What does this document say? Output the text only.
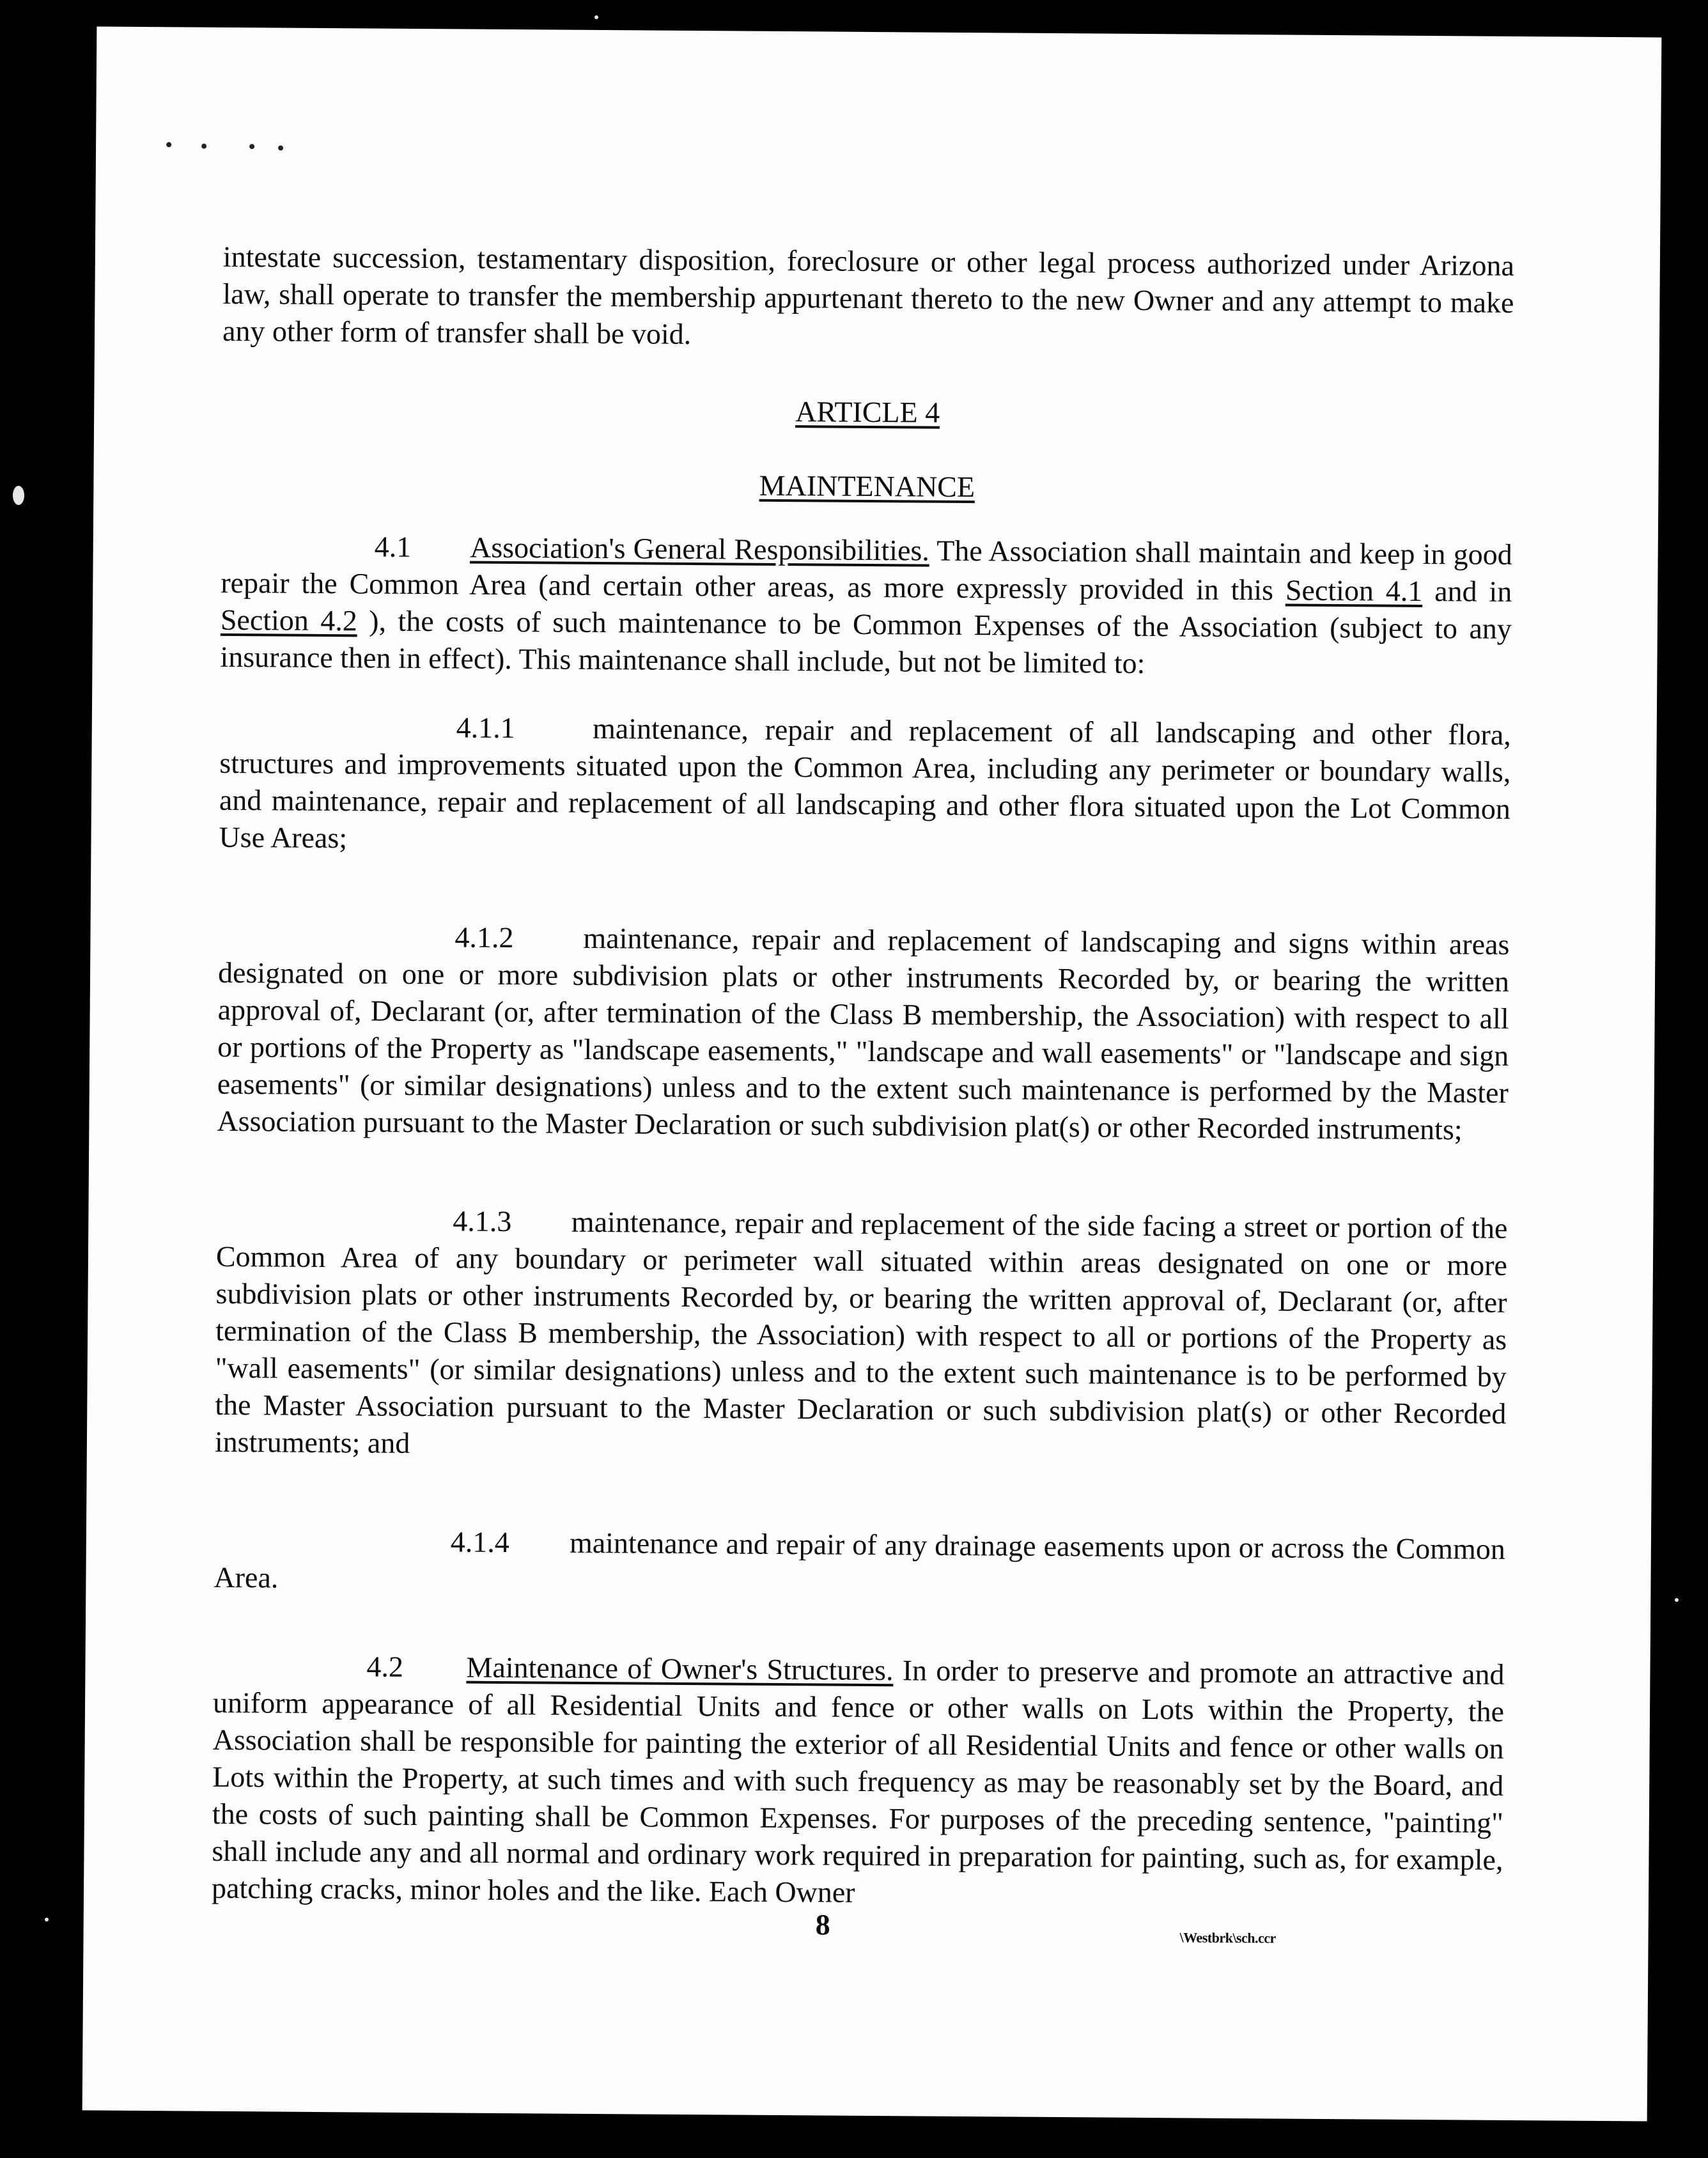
intestate succession, testamentary disposition, foreclosure or other legal process authorized under Arizona law, shall operate to transfer the membership appurtenant thereto to the new Owner and any attempt to make any other form of transfer shall be void.

ARTICLE 4

MAINTENANCE

4.1 Association's General Responsibilities. The Association shall maintain and keep in good repair the Common Area (and certain other areas, as more expressly provided in this Section 4.1 and in Section 4.2 ), the costs of such maintenance to be Common Expenses of the Association (subject to any insurance then in effect). This maintenance shall include, but not be limited to:

4.1.1	maintenance, repair and replacement of all landscaping and other flora, structures and improvements situated upon the Common Area, including any perimeter or boundary walls, and maintenance, repair and replacement of all landscaping and other flora situated upon the Lot Common Use Areas;

4.1.2 maintenance, repair and replacement of landscaping and signs within areas designated on one or more subdivision plats or other instruments Recorded by, or bearing the written approval of, Declarant (or, after termination of the Class B membership, the Association) with respect to all or portions of the Property as "landscape easements," "landscape and wall easements" or "landscape and sign easements" (or similar designations) unless and to the extent such maintenance is performed by the Master Association pursuant to the Master Declaration or such subdivision plat(s) or other Recorded instruments;

4.1.3 maintenance, repair and replacement of the side facing a street or portion of the Common Area of any boundary or perimeter wall situated within areas designated on one or more subdivision plats or other instruments Recorded by, or bearing the written approval of, Declarant (or, after termination of the Class B membership, the Association) with respect to all or portions of the Property as "wall easements" (or similar designations) unless and to the extent such maintenance is to be performed by the Master Association pursuant to the Master Declaration or such subdivision plat(s) or other Recorded instruments; and

4.1.4 maintenance and repair of any drainage easements upon or across the Common Area.

4.2 Maintenance of Owner's Structures. In order to preserve and promote an attractive and uniform appearance of all Residential Units and fence or other walls on Lots within the Property, the Association shall be responsible for painting the exterior of all Residential Units and fence or other walls on Lots within the Property, at such times and with such frequency as may be reasonably set by the Board, and the costs of such painting shall be Common Expenses. For purposes of the preceding sentence, "painting" shall include any and all normal and ordinary work required in preparation for painting, such as, for example, patching cracks, minor holes and the like. Each Owner

8	\Westbrk\sch.ccr
